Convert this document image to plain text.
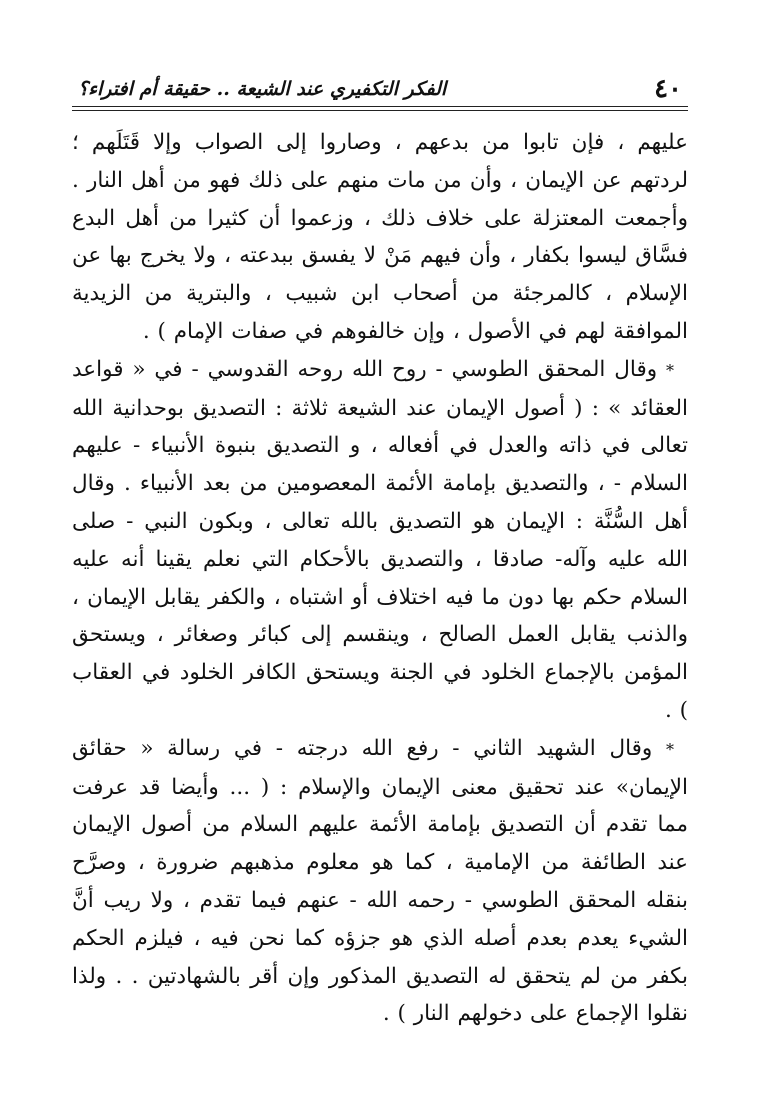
٤٠
الفكر التكفيري عند الشيعة .. حقيقة أم افتراء؟

عليهم ، فإن تابوا من بدعهم ، وصاروا إلى الصواب وإلا قَتَلَهم ؛ لردتهم عن الإيمان ، وأن من مات منهم على ذلك فهو من أهل النار . وأجمعت المعتزلة على خلاف ذلك ، وزعموا أن كثيرا من أهل البدع فسَّاق ليسوا بكفار ، وأن فيهم مَنْ لا يفسق ببدعته ، ولا يخرج بها عن الإسلام ، كالمرجئة من أصحاب ابن شبيب ، والبترية من الزيدية الموافقة لهم في الأصول ، وإن خالفوهم في صفات الإمام ) .

* وقال المحقق الطوسي - روح الله روحه القدوسي - في « قواعد العقائد » : ( أصول الإيمان عند الشيعة ثلاثة : التصديق بوحدانية الله تعالى في ذاته والعدل في أفعاله ، و التصديق بنبوة الأنبياء - عليهم السلام - ، والتصديق بإمامة الأئمة المعصومين من بعد الأنبياء . وقال أهل السُّنَّة : الإيمان هو التصديق بالله تعالى ، وبكون النبي - صلى الله عليه وآله- صادقا ، والتصديق بالأحكام التي نعلم يقينا أنه عليه السلام حكم بها دون ما فيه اختلاف أو اشتباه ، والكفر يقابل الإيمان ، والذنب يقابل العمل الصالح ، وينقسم إلى كبائر وصغائر ، ويستحق المؤمن بالإجماع الخلود في الجنة ويستحق الكافر الخلود في العقاب ) .

* وقال الشهيد الثاني - رفع الله درجته - في رسالة « حقائق الإيمان» عند تحقيق معنى الإيمان والإسلام : ( ... وأيضا قد عرفت مما تقدم أن التصديق بإمامة الأئمة عليهم السلام من أصول الإيمان عند الطائفة من الإمامية ، كما هو معلوم مذهبهم ضرورة ، وصرَّح بنقله المحقق الطوسي - رحمه الله - عنهم فيما تقدم ، ولا ريب أنَّ الشيء يعدم بعدم أصله الذي هو جزؤه كما نحن فيه ، فيلزم الحكم بكفر من لم يتحقق له التصديق المذكور وإن أقر بالشهادتين . . ولذا نقلوا الإجماع على دخولهم النار ) .
